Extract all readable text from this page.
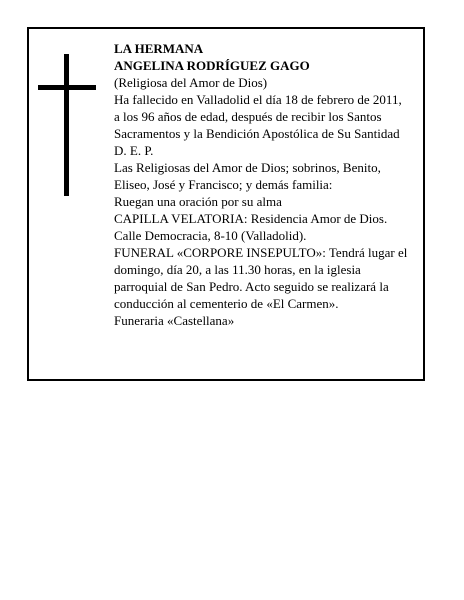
LA HERMANA
ANGELINA RODRÍGUEZ GAGO
(Religiosa del Amor de Dios)
Ha fallecido en Valladolid el día 18 de febrero de 2011,
a los 96 años de edad, después de recibir los Santos
Sacramentos y la Bendición Apostólica de Su Santidad
D. E. P.
Las Religiosas del Amor de Dios; sobrinos, Benito,
Eliseo, José y Francisco; y demás familia:
Ruegan una oración por su alma
CAPILLA VELATORIA: Residencia Amor de Dios.
Calle Democracia, 8-10 (Valladolid).
FUNERAL «CORPORE INSEPULTO»: Tendrá lugar el
domingo, día 20, a las 11.30 horas, en la iglesia
parroquial de San Pedro. Acto seguido se realizará la
conducción al cementerio de «El Carmen».
Funeraria «Castellana»
